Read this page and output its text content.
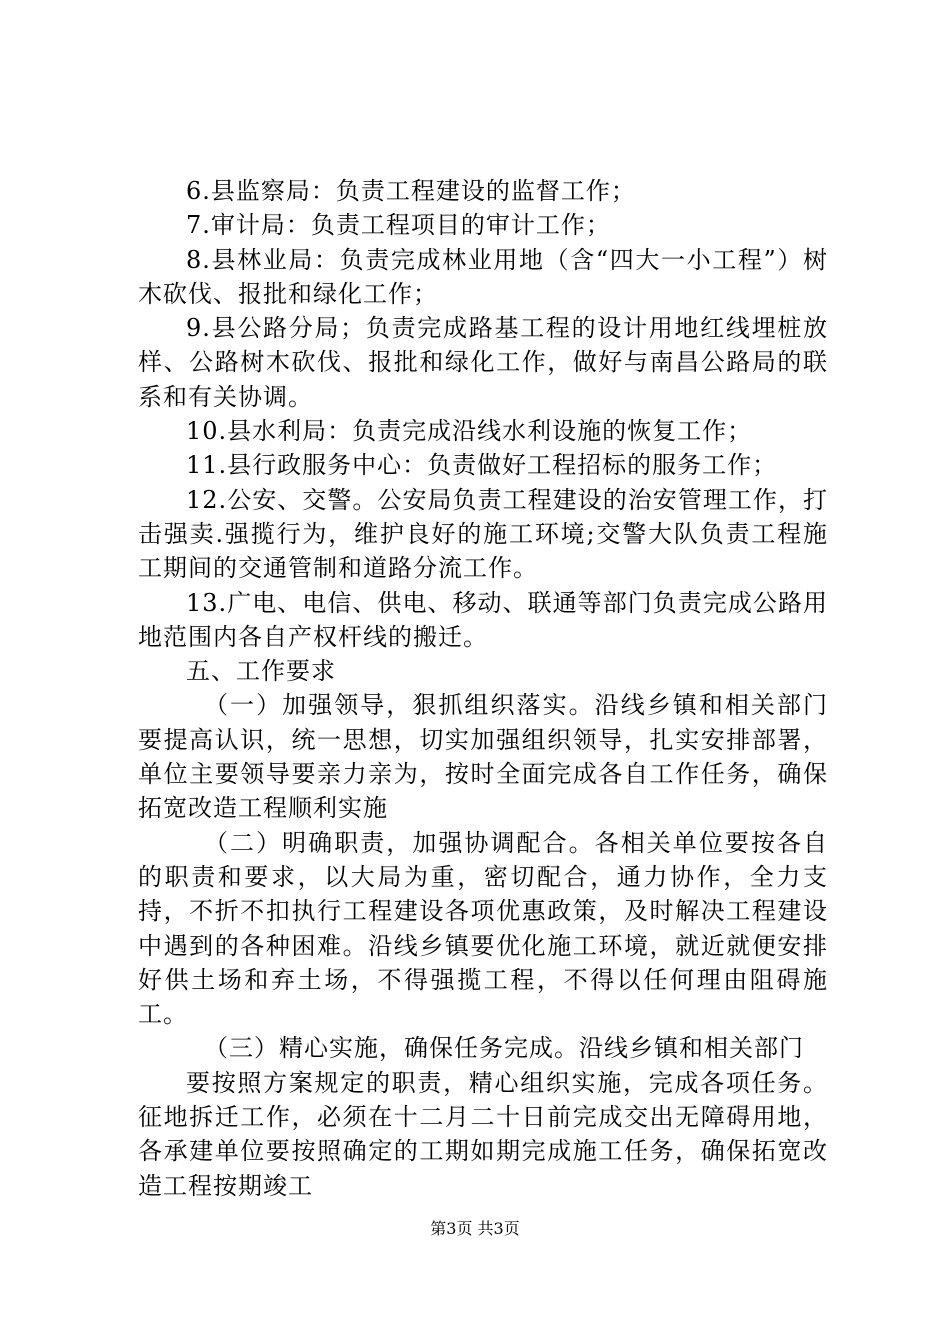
6.县监察局：负责工程建设的监督工作；

7.审计局：负责工程项目的审计工作；

8.县林业局：负责完成林业用地（含“四大一小工程”）树木砍伐、报批和绿化工作；

9.县公路分局；负责完成路基工程的设计用地红线埋桩放样、公路树木砍伐、报批和绿化工作，做好与南昌公路局的联系和有关协调。

10.县水利局：负责完成沿线水利设施的恢复工作；

11.县行政服务中心：负责做好工程招标的服务工作；

12.公安、交警。公安局负责工程建设的治安管理工作，打击强卖.强揽行为，维护良好的施工环境;交警大队负责工程施工期间的交通管制和道路分流工作。

13.广电、电信、供电、移动、联通等部门负责完成公路用地范围内各自产权杆线的搬迁。

五、工作要求

（一）加强领导，狠抓组织落实。沿线乡镇和相关部门要提高认识，统一思想，切实加强组织领导，扎实安排部署，单位主要领导要亲力亲为，按时全面完成各自工作任务，确保拓宽改造工程顺利实施

（二）明确职责，加强协调配合。各相关单位要按各自的职责和要求，以大局为重，密切配合，通力协作，全力支持，不折不扣执行工程建设各项优惠政策，及时解决工程建设中遇到的各种困难。沿线乡镇要优化施工环境，就近就便安排好供土场和弃土场，不得强揽工程，不得以任何理由阻碍施工。

（三）精心实施，确保任务完成。沿线乡镇和相关部门

要按照方案规定的职责，精心组织实施，完成各项任务。征地拆迁工作，必须在十二月二十日前完成交出无障碍用地，各承建单位要按照确定的工期如期完成施工任务，确保拓宽改造工程按期竣工

第3页 共3页
